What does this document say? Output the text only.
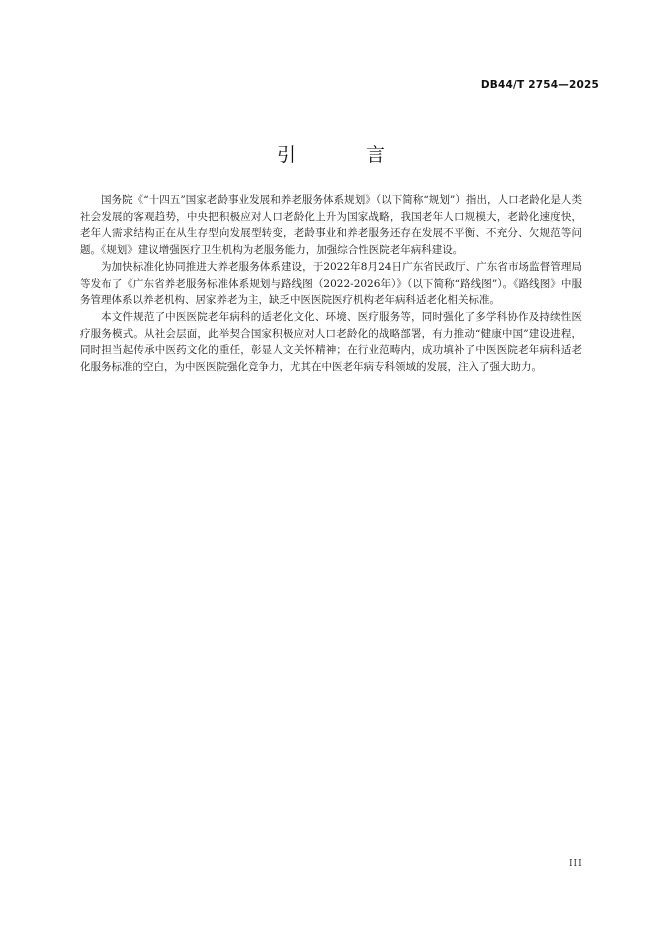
DB44/T 2754—2025
引 言

国务院《“十四五”国家老龄事业发展和养老服务体系规划》（以下简称“规划”）指出，人口老龄化是人类社会发展的客观趋势，中央把积极应对人口老龄化上升为国家战略，我国老年人口规模大，老龄化速度快，老年人需求结构正在从生存型向发展型转变，老龄事业和养老服务还存在发展不平衡、不充分、欠规范等问题。《规划》建议增强医疗卫生机构为老服务能力，加强综合性医院老年病科建设。

为加快标准化协同推进大养老服务体系建设，于2022年8月24日广东省民政厅、广东省市场监督管理局等发布了《广东省养老服务标准体系规划与路线图（2022-2026年）》（以下简称“路线图”）。《路线图》中服务管理体系以养老机构、居家养老为主，缺乏中医医院医疗机构老年病科适老化相关标准。

本文件规范了中医医院老年病科的适老化文化、环境、医疗服务等，同时强化了多学科协作及持续性医疗服务模式。从社会层面，此举契合国家积极应对人口老龄化的战略部署，有力推动“健康中国”建设进程，同时担当起传承中医药文化的重任，彰显人文关怀精神；在行业范畴内，成功填补了中医医院老年病科适老化服务标准的空白，为中医医院强化竞争力，尤其在中医老年病专科领域的发展，注入了强大助力。

III
